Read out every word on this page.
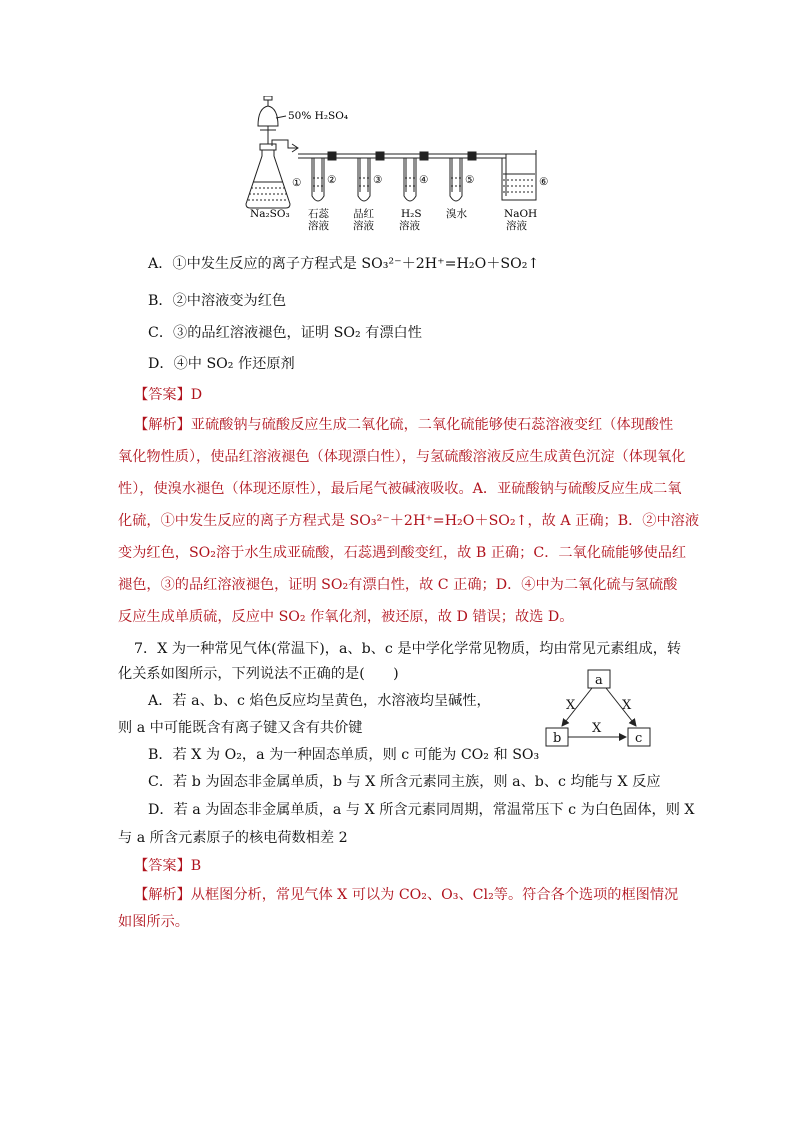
50% H₂SO₄
Na₂SO₃
① ②	③	④	⑤	⑥
石蕊
溶液
品红
溶液
H₂S
溶液
溴水	NaOH
溶液
A．①中发生反应的离子方程式是 SO₃²⁻＋2H⁺=H₂O＋SO₂↑
B．②中溶液变为红色
C．③的品红溶液褪色，证明 SO₂ 有漂白性
D．④中 SO₂ 作还原剂
【答案】D
【解析】亚硫酸钠与硫酸反应生成二氧化硫，二氧化硫能够使石蕊溶液变红（体现酸性
氧化物性质），使品红溶液褪色（体现漂白性），与氢硫酸溶液反应生成黄色沉淀（体现氧化
性），使溴水褪色（体现还原性），最后尾气被碱液吸收。A．亚硫酸钠与硫酸反应生成二氧
化硫，①中发生反应的离子方程式是 SO₃²⁻＋2H⁺=H₂O＋SO₂↑，故 A 正确；B．②中溶液
变为红色，SO₂溶于水生成亚硫酸，石蕊遇到酸变红，故 B 正确；C．二氧化硫能够使品红
褪色，③的品红溶液褪色，证明 SO₂有漂白性，故 C 正确；D．④中为二氧化硫与氢硫酸
反应生成单质硫，反应中 SO₂ 作氧化剂，被还原，故 D 错误；故选 D。
7．X 为一种常见气体(常温下)，a、b、c 是中学化学常见物质，均由常见元素组成，转
化关系如图所示，下列说法不正确的是(　　)
A．若 a、b、c 焰色反应均呈黄色，水溶液均呈碱性，
则 a 中可能既含有离子键又含有共价键
B．若 X 为 O₂，a 为一种固态单质，则 c 可能为 CO₂ 和 SO₃
C．若 b 为固态非金属单质，b 与 X 所含元素同主族，则 a、b、c 均能与 X 反应
D．若 a 为固态非金属单质，a 与 X 所含元素同周期，常温常压下 c 为白色固体，则 X
与 a 所含元素原子的核电荷数相差 2
【答案】B
【解析】从框图分析，常见气体 X 可以为 CO₂、O₃、Cl₂等。符合各个选项的框图情况
如图所示。
a
b	c
X	X
X
